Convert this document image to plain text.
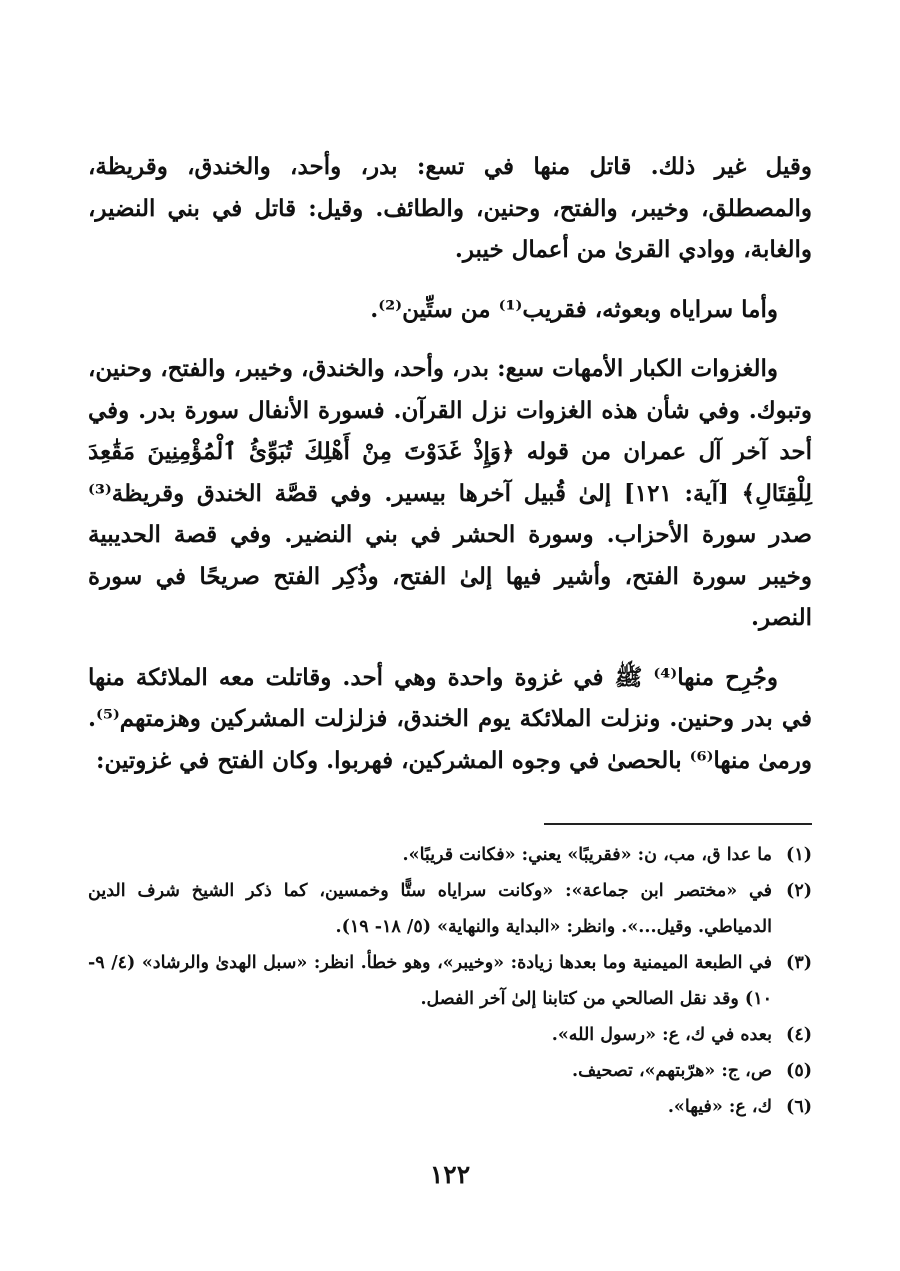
وقيل غير ذلك. قاتل منها في تسع: بدر، وأحد، والخندق، وقريظة، والمصطلق، وخيبر، والفتح، وحنين، والطائف. وقيل: قاتل في بني النضير، والغابة، ووادي القرىٰ من أعمال خيبر.

وأما سراياه وبعوثه، فقريب⁽¹⁾ من ستِّين⁽²⁾.

والغزوات الكبار الأمهات سبع: بدر، وأحد، والخندق، وخيبر، والفتح، وحنين، وتبوك. وفي شأن هذه الغزوات نزل القرآن. فسورة الأنفال سورة بدر. وفي أحد آخر آل عمران من قوله ﴿وَإِذْ غَدَوْتَ مِنْ أَهْلِكَ تُبَوِّئُ ٱلْمُؤْمِنِينَ مَقَٰعِدَ لِلْقِتَالِ﴾ [آية: ١٢١] إلىٰ قُبيل آخرها بيسير. وفي قصَّة الخندق وقريظة⁽³⁾ صدر سورة الأحزاب. وسورة الحشر في بني النضير. وفي قصة الحديبية وخيبر سورة الفتح، وأشير فيها إلىٰ الفتح، وذُكِر الفتح صريحًا في سورة النصر.

وجُرِح منها⁽⁴⁾ ﷺ في غزوة واحدة وهي أحد. وقاتلت معه الملائكة منها في بدر وحنين. ونزلت الملائكة يوم الخندق، فزلزلت المشركين وهزمتهم⁽⁵⁾. ورمىٰ منها⁽⁶⁾ بالحصىٰ في وجوه المشركين، فهربوا. وكان الفتح في غزوتين:

(١)
ما عدا ق، مب، ن: «فقريبًا» يعني: «فكانت قريبًا».
(٢)
في «مختصر ابن جماعة»: «وكانت سراياه ستًّا وخمسين، كما ذكر الشيخ شرف الدين الدمياطي. وقيل...». وانظر: «البداية والنهاية» (٥/ ١٨- ١٩).
(٣)
في الطبعة الميمنية وما بعدها زيادة: «وخيبر»، وهو خطأ. انظر: «سبل الهدىٰ والرشاد» (٤/ ٩- ١٠) وقد نقل الصالحي من كتابنا إلىٰ آخر الفصل.
(٤)
بعده في ك، ع: «رسول الله».
(٥)
ص، ج: «هرّبتهم»، تصحيف.
(٦)
ك، ع: «فيها».
١٢٢
